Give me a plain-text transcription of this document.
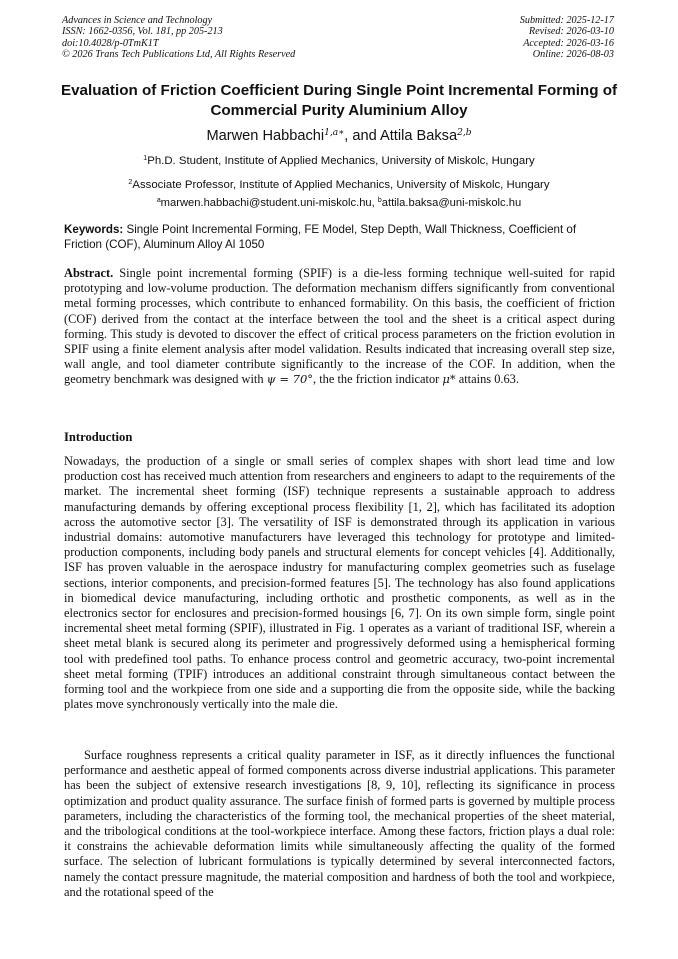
Advances in Science and Technology
ISSN: 1662-0356, Vol. 181, pp 205-213
doi:10.4028/p-0TmK1T
© 2026 Trans Tech Publications Ltd, All Rights Reserved
Submitted: 2025-12-17
Revised: 2026-03-10
Accepted: 2026-03-16
Online: 2026-08-03
Evaluation of Friction Coefficient During Single Point Incremental Forming of Commercial Purity Aluminium Alloy
Marwen Habbachi$^{1,a∗}$, and Attila Baksa$^{2,b}$
$^1$Ph.D. Student, Institute of Applied Mechanics, University of Miskolc, Hungary
$^2$Associate Professor, Institute of Applied Mechanics, University of Miskolc, Hungary
$^a$marwen.habbachi@student.uni-miskolc.hu, $^b$attila.baksa@uni-miskolc.hu
Keywords: Single Point Incremental Forming, FE Model, Step Depth, Wall Thickness, Coefficient of Friction (COF), Aluminum Alloy Al 1050
Abstract. Single point incremental forming (SPIF) is a die-less forming technique well-suited for rapid prototyping and low-volume production. The deformation mechanism differs significantly from conventional metal forming processes, which contribute to enhanced formability. On this basis, the coefficient of friction (COF) derived from the contact at the interface between the tool and the sheet is a critical aspect during forming. This study is devoted to discover the effect of critical process parameters on the friction evolution in SPIF using a finite element analysis after model validation. Results indicated that increasing overall step size, wall angle, and tool diameter contribute significantly to the increase of the COF. In addition, when the geometry benchmark was designed with ψ = 70°, the the friction indicator μ* attains 0.63.
Introduction
Nowadays, the production of a single or small series of complex shapes with short lead time and low production cost has received much attention from researchers and engineers to adapt to the requirements of the market. The incremental sheet forming (ISF) technique represents a sustainable approach to address manufacturing demands by offering exceptional process flexibility [1, 2], which has facilitated its adoption across the automotive sector [3]. The versatility of ISF is demonstrated through its application in various industrial domains: automotive manufacturers have leveraged this technology for prototype and limited-production components, including body panels and structural elements for concept vehicles [4]. Additionally, ISF has proven valuable in the aerospace industry for manufacturing complex geometries such as fuselage sections, interior components, and precision-formed features [5]. The technology has also found applications in biomedical device manufacturing, including orthotic and prosthetic components, as well as in the electronics sector for enclosures and precision-formed housings [6, 7]. On its own simple form, single point incremental sheet metal forming (SPIF), illustrated in Fig. 1 operates as a variant of traditional ISF, wherein a sheet metal blank is secured along its perimeter and progressively deformed using a hemispherical forming tool with predefined tool paths. To enhance process control and geometric accuracy, two-point incremental sheet metal forming (TPIF) introduces an additional constraint through simultaneous contact between the forming tool and the workpiece from one side and a supporting die from the opposite side, while the backing plates move synchronously vertically into the male die.
Surface roughness represents a critical quality parameter in ISF, as it directly influences the functional performance and aesthetic appeal of formed components across diverse industrial applications. This parameter has been the subject of extensive research investigations [8, 9, 10], reflecting its significance in process optimization and product quality assurance. The surface finish of formed parts is governed by multiple process parameters, including the characteristics of the forming tool, the mechanical properties of the sheet material, and the tribological conditions at the tool-workpiece interface. Among these factors, friction plays a dual role: it constrains the achievable deformation limits while simultaneously affecting the quality of the formed surface. The selection of lubricant formulations is typically determined by several interconnected factors, namely the contact pressure magnitude, the material composition and hardness of both the tool and workpiece, and the rotational speed of the
